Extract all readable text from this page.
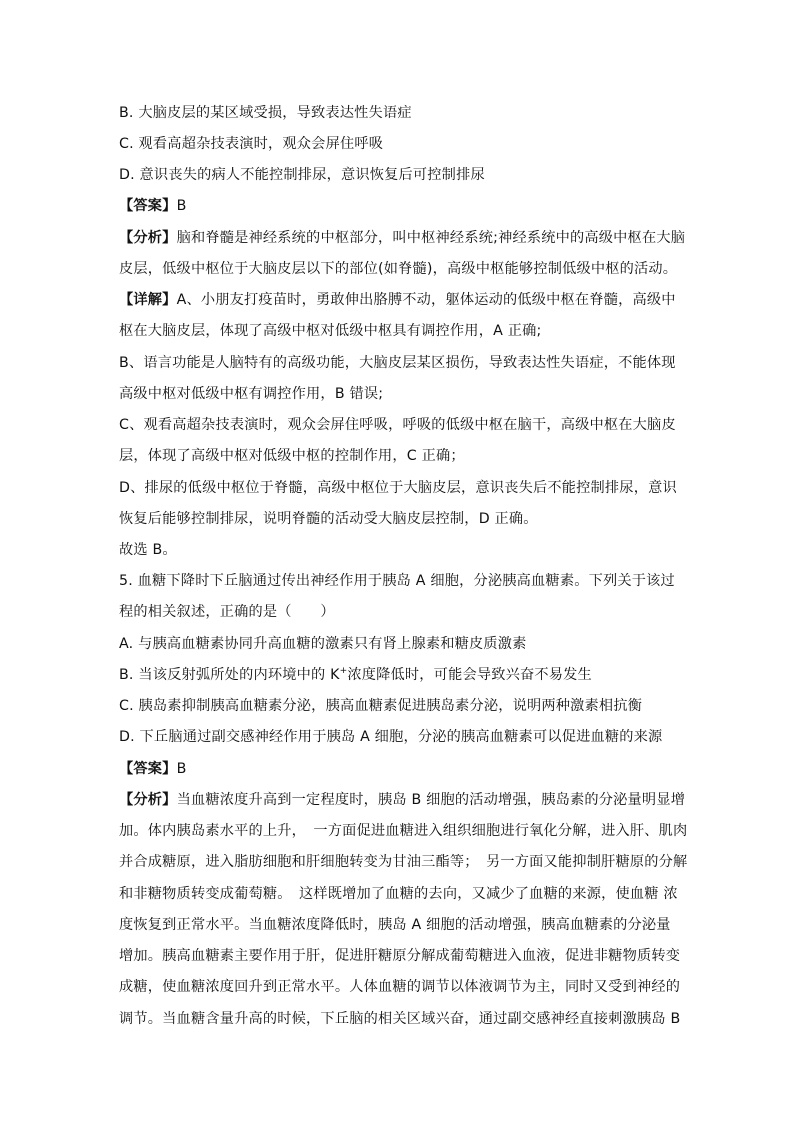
B. 大脑皮层的某区域受损，导致表达性失语症
C. 观看高超杂技表演时，观众会屏住呼吸
D. 意识丧失的病人不能控制排尿，意识恢复后可控制排尿
【答案】B
【分析】脑和脊髓是神经系统的中枢部分，叫中枢神经系统;神经系统中的高级中枢在大脑
皮层，低级中枢位于大脑皮层以下的部位(如脊髓)，高级中枢能够控制低级中枢的活动。
【详解】A、小朋友打疫苗时，勇敢伸出胳膊不动，躯体运动的低级中枢在脊髓，高级中
枢在大脑皮层，体现了高级中枢对低级中枢具有调控作用，A 正确;
B、语言功能是人脑特有的高级功能，大脑皮层某区损伤，导致表达性失语症，不能体现
高级中枢对低级中枢有调控作用，B 错误;
C、观看高超杂技表演时，观众会屏住呼吸，呼吸的低级中枢在脑干，高级中枢在大脑皮
层，体现了高级中枢对低级中枢的控制作用，C 正确；
D、排尿的低级中枢位于脊髓，高级中枢位于大脑皮层，意识丧失后不能控制排尿，意识
恢复后能够控制排尿，说明脊髓的活动受大脑皮层控制，D 正确。
故选 B。
5. 血糖下降时下丘脑通过传出神经作用于胰岛 A 细胞，分泌胰高血糖素。下列关于该过
程的相关叙述，正确的是（　　）
A. 与胰高血糖素协同升高血糖的激素只有肾上腺素和糖皮质激素
B. 当该反射弧所处的内环境中的 K+浓度降低时，可能会导致兴奋不易发生
C. 胰岛素抑制胰高血糖素分泌，胰高血糖素促进胰岛素分泌，说明两种激素相抗衡
D. 下丘脑通过副交感神经作用于胰岛 A 细胞，分泌的胰高血糖素可以促进血糖的来源
【答案】B
【分析】当血糖浓度升高到一定程度时，胰岛 B 细胞的活动增强，胰岛素的分泌量明显增
加。体内胰岛素水平的上升，　一方面促进血糖进入组织细胞进行氧化分解，进入肝、肌肉
并合成糖原，进入脂肪细胞和肝细胞转变为甘油三酯等；　另一方面又能抑制肝糖原的分解
和非糖物质转变成葡萄糖。　这样既增加了血糖的去向，又减少了血糖的来源，使血糖 浓
度恢复到正常水平。当血糖浓度降低时，胰岛 A 细胞的活动增强，胰高血糖素的分泌量
增加。胰高血糖素主要作用于肝，促进肝糖原分解成葡萄糖进入血液，促进非糖物质转变
成糖，使血糖浓度回升到正常水平。人体血糖的调节以体液调节为主，同时又受到神经的
调节。当血糖含量升高的时候，下丘脑的相关区域兴奋，通过副交感神经直接刺激胰岛 B
